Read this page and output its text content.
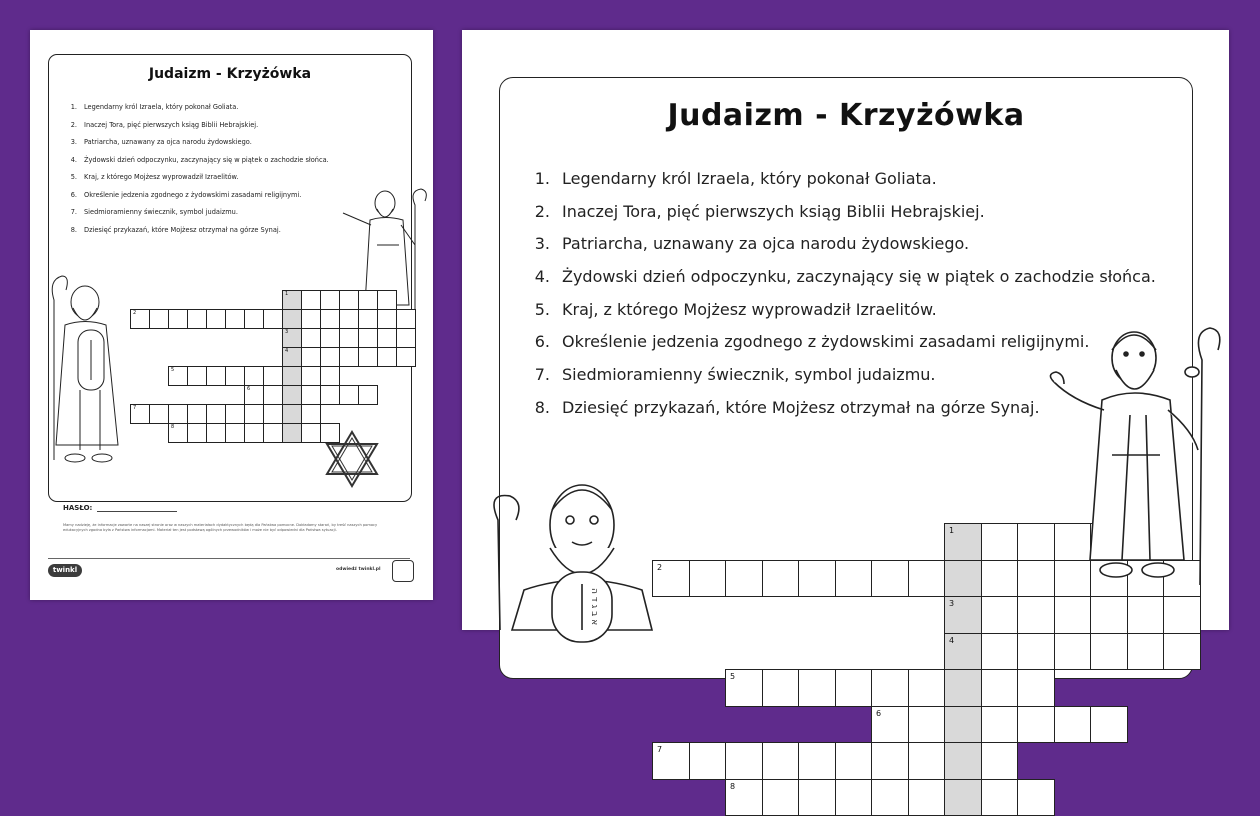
Judaizm - Krzyżówka
1. Legendarny król Izraela, który pokonał Goliata.
2. Inaczej Tora, pięć pierwszych ksiąg Biblii Hebrajskiej.
3. Patriarcha, uznawany za ojca narodu żydowskiego.
4. Żydowski dzień odpoczynku, zaczynający się w piątek o zachodzie słońca.
5. Kraj, z którego Mojżesz wyprowadził Izraelitów.
6. Określenie jedzenia zgodnego z żydowskimi zasadami religijnymi.
7. Siedmioramienny świecznik, symbol judaizmu.
8. Dziesięć przykazań, które Mojżesz otrzymał na górze Synaj.
1
2
3
4
5
6
7
8
HASŁO:
Mamy nadzieję, że informacje zawarte na naszej stronie oraz w naszych materiałach dydaktycznych będą dla Państwa pomocne. Dokładamy starań, by treść naszych pomocy edukacyjnych zgodna była z Państwa informacjami. Materiał ten jest podstawą ogólnych przewodników i może nie być odpowiedni dla Państwa sytuacji.
twinkl	odwiedź twinkl.pl
Judaizm - Krzyżówka
1. Legendarny król Izraela, który pokonał Goliata.
2. Inaczej Tora, pięć pierwszych ksiąg Biblii Hebrajskiej.
3. Patriarcha, uznawany za ojca narodu żydowskiego.
4. Żydowski dzień odpoczynku, zaczynający się w piątek o zachodzie słońca.
5. Kraj, z którego Mojżesz wyprowadził Izraelitów.
6. Określenie jedzenia zgodnego z żydowskimi zasadami religijnymi.
7. Siedmioramienny świecznik, symbol judaizmu.
8. Dziesięć przykazań, które Mojżesz otrzymał na górze Synaj.
1
2
3
4
5
6
7
8
א ב ג ד ה
